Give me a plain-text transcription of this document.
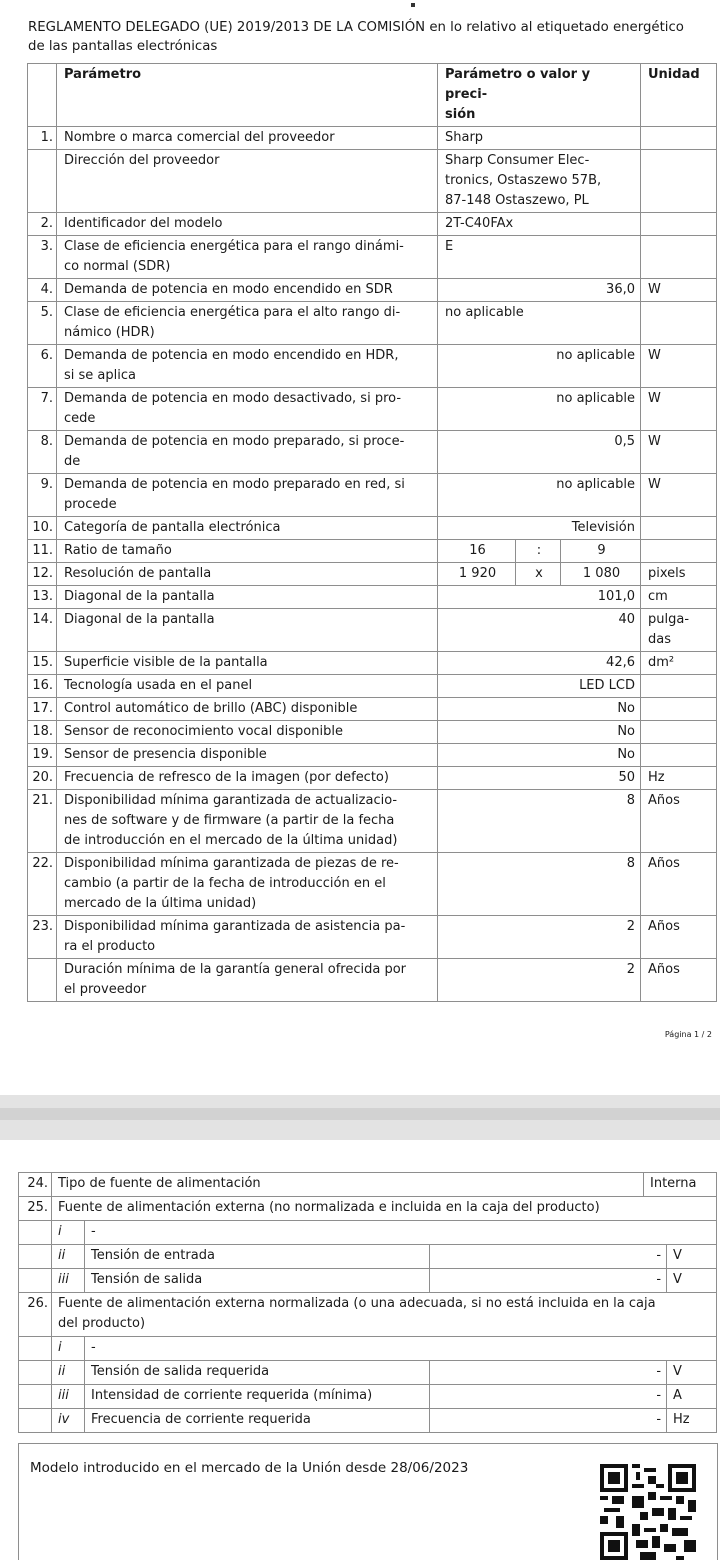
REGLAMENTO DELEGADO (UE) 2019/2013 DE LA COMISIÓN en lo relativo al etiquetado energético
de las pantallas electrónicas
	Parámetro	Parámetro o valor y preci-
sión			Unidad
1.	Nombre o marca comercial del proveedor	Sharp			
	Dirección del proveedor	Sharp Consumer Elec-
tronics, Ostaszewo 57B,
87-148 Ostaszewo, PL			

2.	Identificador del modelo	2T-C40FAx			
3.	Clase de eficiencia energética para el rango dinámi-
co normal (SDR)	E			
4.	Demanda de potencia en modo encendido en SDR	36,0			W
5.	Clase de eficiencia energética para el alto rango di-
námico (HDR)	no aplicable			
6.	Demanda de potencia en modo encendido en HDR,
si se aplica	no aplicable			W
7.	Demanda de potencia en modo desactivado, si pro-
cede	no aplicable			W
8.	Demanda de potencia en modo preparado, si proce-
de	0,5			W
9.	Demanda de potencia en modo preparado en red, si
procede	no aplicable			W
10.	Categoría de pantalla electrónica	Televisión			
11.	Ratio de tamaño	16	:	9	
12.	Resolución de pantalla	1 920	x	1 080	pixels
13.	Diagonal de la pantalla	101,0			cm
14.	Diagonal de la pantalla	40			pulga-
das

15.	Superficie visible de la pantalla	42,6			dm²
16.	Tecnología usada en el panel	LED LCD			
17.	Control automático de brillo (ABC) disponible	No			
18.	Sensor de reconocimiento vocal disponible	No			
19.	Sensor de presencia disponible	No			
20.	Frecuencia de refresco de la imagen (por defecto)	50			Hz
21.	Disponibilidad mínima garantizada de actualizacio-
nes de software y de firmware (a partir de la fecha
de introducción en el mercado de la última unidad)	8			Años
22.	Disponibilidad mínima garantizada de piezas de re-
cambio (a partir de la fecha de introducción en el
mercado de la última unidad)	8			Años
23.	Disponibilidad mínima garantizada de asistencia pa-
ra el producto	2			Años

	Duración mínima de la garantía general ofrecida por
el proveedor	2			Años
Página 1 / 2
24.	Tipo de fuente de alimentación			Interna	
25.	Fuente de alimentación externa (no normalizada e incluida en la caja del producto)				
	i	-			
	ii	Tensión de entrada	-		V
	iii	Tensión de salida	-		V
26.	Fuente de alimentación externa normalizada (o una adecuada, si no está incluida en la caja
del producto)				

	i	-			
	ii	Tensión de salida requerida	-		V
	iii	Intensidad de corriente requerida (mínima)	-		A
	iv	Frecuencia de corriente requerida	-		Hz
Modelo introducido en el mercado de la Unión desde 28/06/2023
